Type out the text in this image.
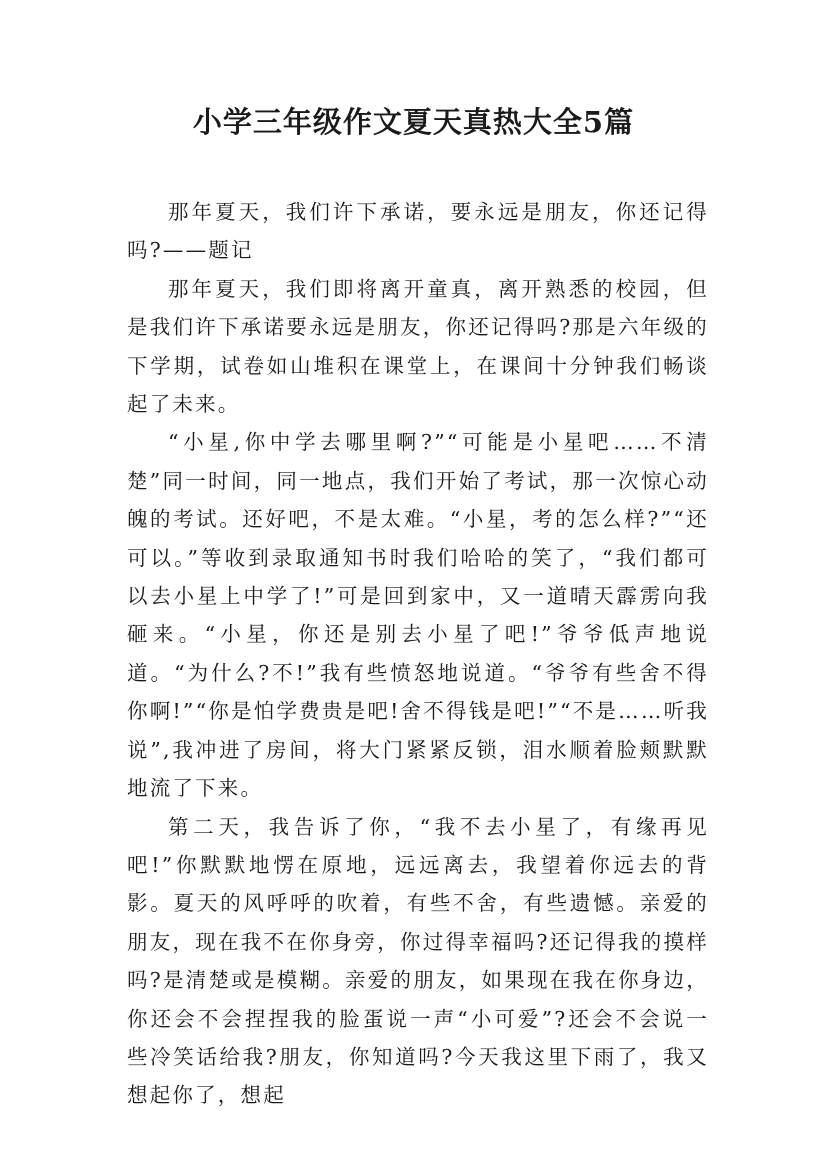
小学三年级作文夏天真热大全5篇

那年夏天，我们许下承诺，要永远是朋友，你还记得吗?——题记

那年夏天，我们即将离开童真，离开熟悉的校园，但是我们许下承诺要永远是朋友，你还记得吗?那是六年级的下学期，试卷如山堆积在课堂上，在课间十分钟我们畅谈起了未来。

“小星,你中学去哪里啊?”“可能是小星吧……不清楚”同一时间，同一地点，我们开始了考试，那一次惊心动魄的考试。还好吧，不是太难。“小星，考的怎么样?”“还可以。”等收到录取通知书时我们哈哈的笑了，“我们都可以去小星上中学了!”可是回到家中，又一道晴天霹雳向我砸来。“小星，你还是别去小星了吧!”爷爷低声地说道。“为什么?不!”我有些愤怒地说道。“爷爷有些舍不得你啊!”“你是怕学费贵是吧!舍不得钱是吧!”“不是……听我说”,我冲进了房间，将大门紧紧反锁，泪水顺着脸颊默默地流了下来。

第二天，我告诉了你，“我不去小星了，有缘再见吧!”你默默地愣在原地，远远离去，我望着你远去的背影。夏天的风呼呼的吹着，有些不舍，有些遗憾。亲爱的朋友，现在我不在你身旁，你过得幸福吗?还记得我的摸样吗?是清楚或是模糊。亲爱的朋友，如果现在我在你身边，你还会不会捏捏我的脸蛋说一声“小可爱”?还会不会说一些冷笑话给我?朋友，你知道吗?今天我这里下雨了，我又想起你了，想起
